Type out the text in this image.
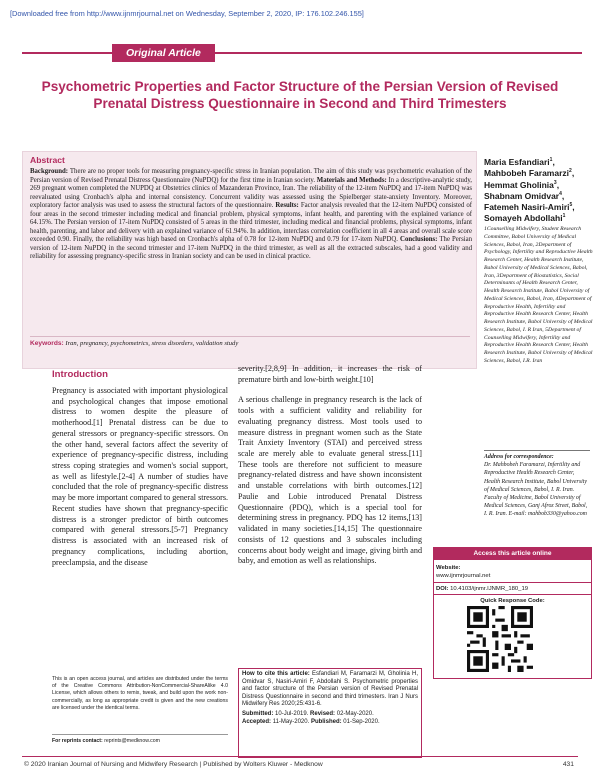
[Downloaded free from http://www.ijnmrjournal.net on Wednesday, September 2, 2020, IP: 176.102.246.155]
Original Article
Psychometric Properties and Factor Structure of the Persian Version of Revised Prenatal Distress Questionnaire in Second and Third Trimesters
Abstract
Background: There are no proper tools for measuring pregnancy-specific stress in Iranian population. The aim of this study was psychometric evaluation of the Persian version of Revised Prenatal Distress Questionnaire (NuPDQ) for the first time in Iranian society. Materials and Methods: In a descriptive-analytic study, 269 pregnant women completed the NUPDQ at Obstetrics clinics of Mazanderan Province, Iran. The reliability of the 12-item NuPDQ and 17-item NuPDQ was reevaluated using Cronbach's alpha and internal consistency. Concurrent validity was assessed using the Spielberger state-anxiety Inventory. Moreover, exploratory factor analysis was used to assess the structural factors of the questionnaire. Results: Factor analysis revealed that the 12-item NuPDQ consisted of four areas in the second trimester including medical and financial problem, physical symptoms, infant health, and parenting with the explained variance of 64.15%. The Persian version of 17-item NuPDQ consisted of 5 areas in the third trimester, including medical and financial problems, physical symptoms, infant health, parenting, and labor and delivery with an explained variance of 61.94%. In addition, interclass correlation coefficient in all 4 areas and overall scale score exceeded 0.90. Finally, the reliability was high based on Cronbach's alpha of 0.78 for 12-item NuPDQ and 0.79 for 17-item NuPDQ. Conclusions: The Persian version of 12-item NuPDQ in the second trimester and 17-item NuPDQ in the third trimester, as well as all the extracted subscales, had a good validity and reliability for assessing pregnancy-specific stress in Iranian society and can be used in clinical practice.
Keywords: Iran, pregnancy, psychometrics, stress disorders, validation study
Maria Esfandiari$^1$,
Mahbobeh Faramarzi$^2$,
Hemmat Gholinia$^3$,
Shabnam Omidvar$^4$,
Fatemeh Nasiri-Amiri$^5$,
Somayeh Abdollahi$^1$
1Counselling Midwifery, Student Research Committee, Babol University of Medical Sciences, Babol, Iran, 2Department of Psychology, Infertility and Reproductive Health Research Center, Health Research Institute, Babol University of Medical Sciences, Babol, Iran, 3Department of Biostatistics, Social Determinants of Health Research Center, Health Research Institute, Babol University of Medical Sciences, Babol, Iran, 4Department of Reproductive Health, Infertility and Reproductive Health Research Center, Health Research Institute, Babol University of Medical Sciences, Babol, I. R Iran, 5Department of Counselling Midwifery, Infertility and Reproductive Health Research Center, Health Research Institute, Babol University of Medical Sciences, Babol, I.R. Iran
Address for correspondence:
Dr. Mahbobeh Faramarzi, Infertility and Reproductive Health Research Center, Health Research Institute, Babol University of Medical Sciences, Babol, I. R. Iran. Faculty of Medicine, Babol University of Medical Sciences, Ganj Afroz Street, Babol, I. R. Iran. E-mail: mahbob330@yahoo.com
Access this article online
Website:
www.ijnmrjournal.net
DOI: 10.4103/ijnmr.IJNMR_180_19
Quick Response Code:
Introduction
Pregnancy is associated with important physiological and psychological changes that impose emotional distress to women despite the pleasure of motherhood.[1] Prenatal distress can be due to general stressors or pregnancy-specific stressors. On the other hand, several factors affect the severity of experience of pregnancy-specific distress, including stress coping strategies and women's social support, as well as lifestyle.[2-4] A number of studies have concluded that the role of pregnancy-specific distress may be more important compared to general stressors. Recent studies have shown that pregnancy-specific distress is a stronger predictor of birth outcomes compared with general stressors.[5-7] Pregnancy distress is associated with an increased risk of pregnancy complications, including abortion, preeclampsia, and the disease

severity.[2,8,9] In addition, it increases the risk of premature birth and low-birth weight.[10]

A serious challenge in pregnancy research is the lack of tools with a sufficient validity and reliability for evaluating pregnancy distress. Most tools used to measure distress in pregnant women such as the State Trait Anxiety Inventory (STAI) and perceived stress scale are merely able to evaluate general stress.[11] These tools are therefore not sufficient to measure pregnancy-related distress and have shown inconsistent and unstable correlations with birth outcomes.[12] Paulie and Lobie introduced Prenatal Distress Questionnaire (PDQ), which is a special tool for determining stress in pregnancy. PDQ has 12 items,[13] validated in many societies.[14,15] The questionnaire consists of 12 questions and 3 subscales including concerns about body weight and image, giving birth and baby, and emotion as well as relationships.

This is an open access journal, and articles are distributed under the terms of the Creative Commons Attribution-NonCommercial-ShareAlike 4.0 License, which allows others to remix, tweak, and build upon the work non-commercially, as long as appropriate credit is given and the new creations are licensed under the identical terms.
For reprints contact: reprints@medknow.com
How to cite this article: Esfandiari M, Faramarzi M, Gholinia H, Omidvar S, Nasiri-Amiri F, Abdollahi S. Psychometric properties and factor structure of the Persian version of Revised Prenatal Distress Questionnaire in second and third trimesters. Iran J Nurs Midwifery Res 2020;25:431-6.
Submitted: 10-Jul-2019. Revised: 02-May-2020.
Accepted: 11-May-2020. Published: 01-Sep-2020.
© 2020 Iranian Journal of Nursing and Midwifery Research | Published by Wolters Kluwer - Medknow	431
